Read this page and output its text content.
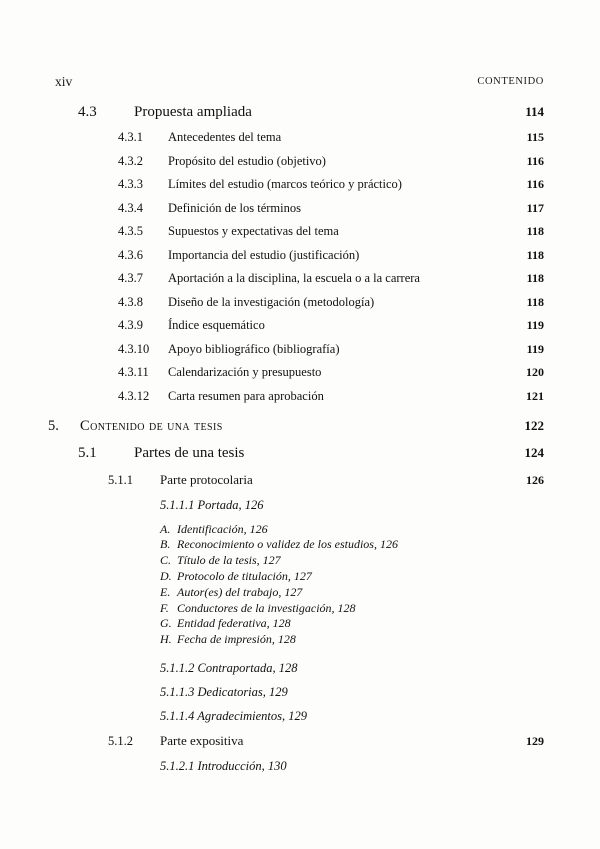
xiv	CONTENIDO
4.3	Propuesta ampliada	114
4.3.1	Antecedentes del tema	115
4.3.2	Propósito del estudio (objetivo)	116
4.3.3	Límites del estudio (marcos teórico y práctico)	116
4.3.4	Definición de los términos	117
4.3.5	Supuestos y expectativas del tema	118
4.3.6	Importancia del estudio (justificación)	118
4.3.7	Aportación a la disciplina, la escuela o a la carrera	118
4.3.8	Diseño de la investigación (metodología)	118
4.3.9	Índice esquemático	119
4.3.10	Apoyo bibliográfico (bibliografía)	119
4.3.11	Calendarización y presupuesto	120
4.3.12	Carta resumen para aprobación	121
5.	Contenido de una tesis	122
5.1	Partes de una tesis	124
5.1.1	Parte protocolaria	126
5.1.1.1 Portada, 126
A. Identificación, 126
B. Reconocimiento o validez de los estudios, 126
C. Título de la tesis, 127
D. Protocolo de titulación, 127
E. Autor(es) del trabajo, 127
F. Conductores de la investigación, 128
G. Entidad federativa, 128
H. Fecha de impresión, 128
5.1.1.2 Contraportada, 128
5.1.1.3 Dedicatorias, 129
5.1.1.4 Agradecimientos, 129
5.1.2	Parte expositiva	129
5.1.2.1 Introducción, 130
